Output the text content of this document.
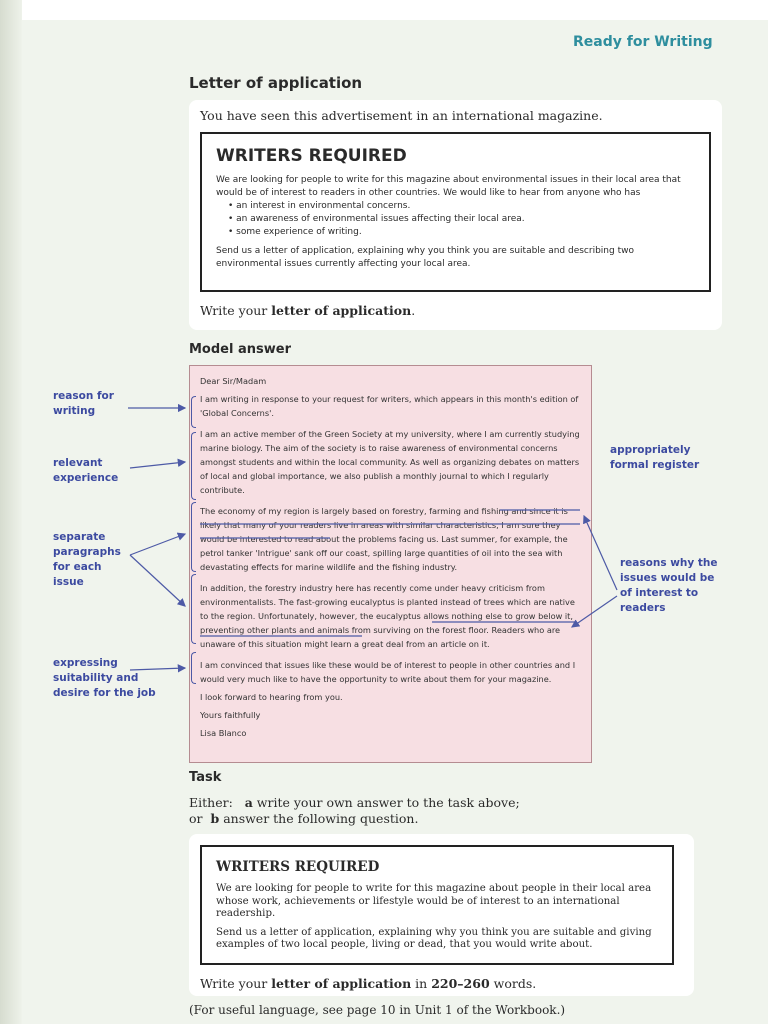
Ready for Writing
Letter of application
You have seen this advertisement in an international magazine.
WRITERS REQUIRED
We are looking for people to write for this magazine about environmental issues in their local area that would be of interest to readers in other countries. We would like to hear from anyone who has
• an interest in environmental concerns.
• an awareness of environmental issues affecting their local area.
• some experience of writing.
Send us a letter of application, explaining why you think you are suitable and describing two environmental issues currently affecting your local area.
Write your letter of application.
Model answer

Dear Sir/Madam

I am writing in response to your request for writers, which appears in this month's edition of 'Global Concerns'.

I am an active member of the Green Society at my university, where I am currently studying marine biology. The aim of the society is to raise awareness of environmental concerns amongst students and within the local community. As well as organizing debates on matters of local and global importance, we also publish a monthly journal to which I regularly contribute.

The economy of my region is largely based on forestry, farming and fishing and since it is likely that many of your readers live in areas with similar characteristics, I am sure they would be interested to read about the problems facing us. Last summer, for example, the petrol tanker 'Intrigue' sank off our coast, spilling large quantities of oil into the sea with devastating effects for marine wildlife and the fishing industry.

In addition, the forestry industry here has recently come under heavy criticism from environmentalists. The fast-growing eucalyptus is planted instead of trees which are native to the region. Unfortunately, however, the eucalyptus allows nothing else to grow below it, preventing other plants and animals from surviving on the forest floor. Readers who are unaware of this situation might learn a great deal from an article on it.

I am convinced that issues like these would be of interest to people in other countries and I would very much like to have the opportunity to write about them for your magazine.

I look forward to hearing from you.

Yours faithfully

Lisa Blanco

reason for
writing
relevant
experience
separate
paragraphs
for each
issue
expressing
suitability and
desire for the job
appropriately
formal register
reasons why the
issues would be
of interest to
readers
Task
Either: a write your own answer to the task above;
or b answer the following question.
WRITERS REQUIRED
We are looking for people to write for this magazine about people in their local area whose work, achievements or lifestyle would be of interest to an international readership.
Send us a letter of application, explaining why you think you are suitable and giving examples of two local people, living or dead, that you would write about.
Write your letter of application in 220–260 words.
(For useful language, see page 10 in Unit 1 of the Workbook.)
